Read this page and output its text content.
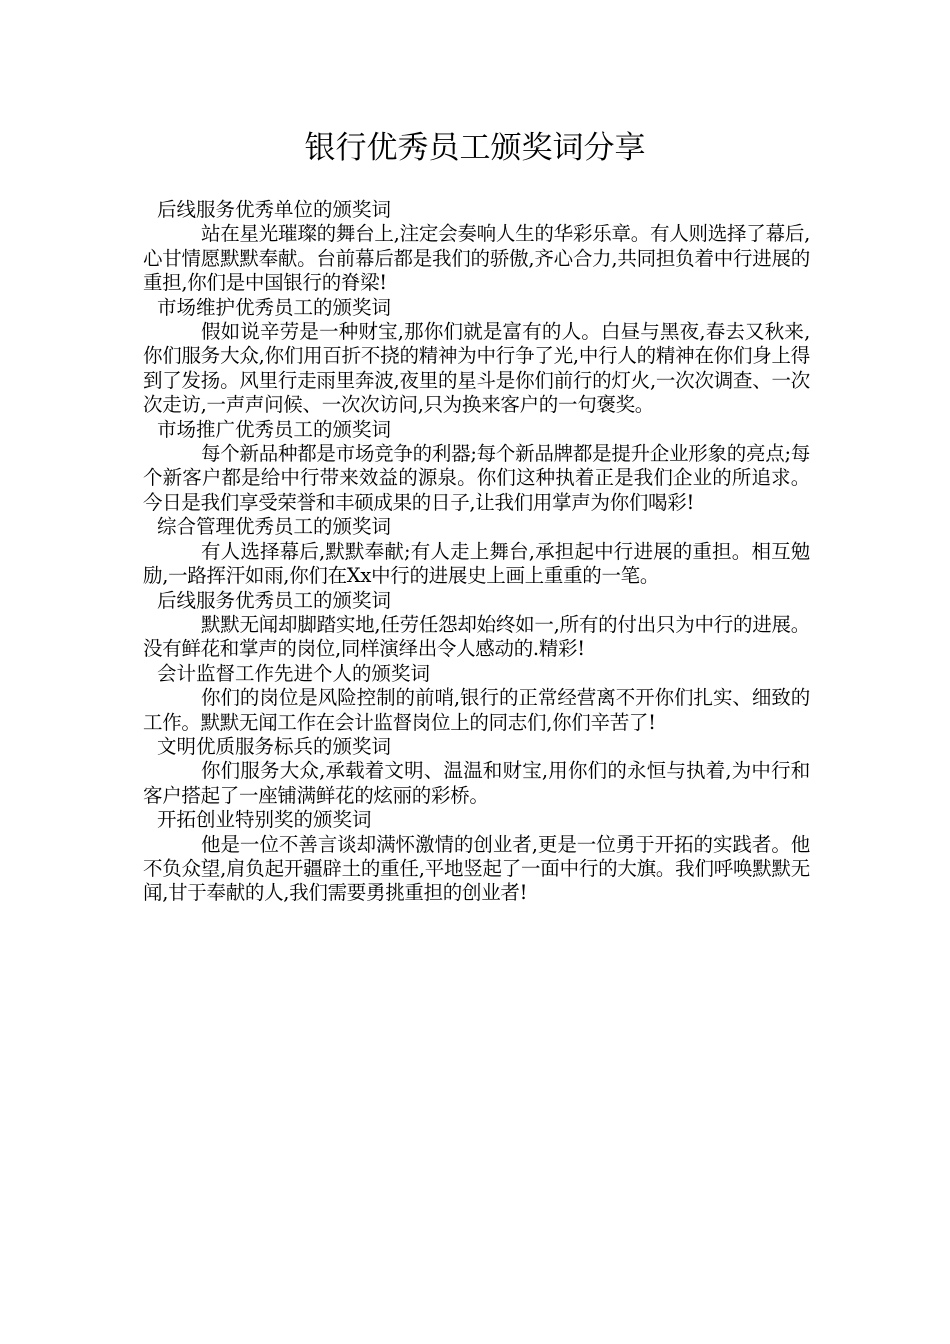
银行优秀员工颁奖词分享

后线服务优秀单位的颁奖词

站在星光璀璨的舞台上,注定会奏响人生的华彩乐章。有人则选择了幕后,心甘情愿默默奉献。台前幕后都是我们的骄傲,齐心合力,共同担负着中行进展的重担,你们是中国银行的脊梁!

市场维护优秀员工的颁奖词

假如说辛劳是一种财宝,那你们就是富有的人。白昼与黑夜,春去又秋来,你们服务大众,你们用百折不挠的精神为中行争了光,中行人的精神在你们身上得到了发扬。风里行走雨里奔波,夜里的星斗是你们前行的灯火,一次次调查、一次次走访,一声声问候、一次次访问,只为换来客户的一句褒奖。

市场推广优秀员工的颁奖词

每个新品种都是市场竞争的利器;每个新品牌都是提升企业形象的亮点;每个新客户都是给中行带来效益的源泉。你们这种执着正是我们企业的所追求。今日是我们享受荣誉和丰硕成果的日子,让我们用掌声为你们喝彩!

综合管理优秀员工的颁奖词

有人选择幕后,默默奉献;有人走上舞台,承担起中行进展的重担。相互勉励,一路挥汗如雨,你们在Xx中行的进展史上画上重重的一笔。

后线服务优秀员工的颁奖词

默默无闻却脚踏实地,任劳任怨却始终如一,所有的付出只为中行的进展。没有鲜花和掌声的岗位,同样演绎出令人感动的.精彩!

会计监督工作先进个人的颁奖词

你们的岗位是风险控制的前哨,银行的正常经营离不开你们扎实、细致的工作。默默无闻工作在会计监督岗位上的同志们,你们辛苦了!

文明优质服务标兵的颁奖词

你们服务大众,承载着文明、温温和财宝,用你们的永恒与执着,为中行和客户搭起了一座铺满鲜花的炫丽的彩桥。

开拓创业特别奖的颁奖词

他是一位不善言谈却满怀激情的创业者,更是一位勇于开拓的实践者。他不负众望,肩负起开疆辟土的重任,平地竖起了一面中行的大旗。我们呼唤默默无闻,甘于奉献的人,我们需要勇挑重担的创业者!
